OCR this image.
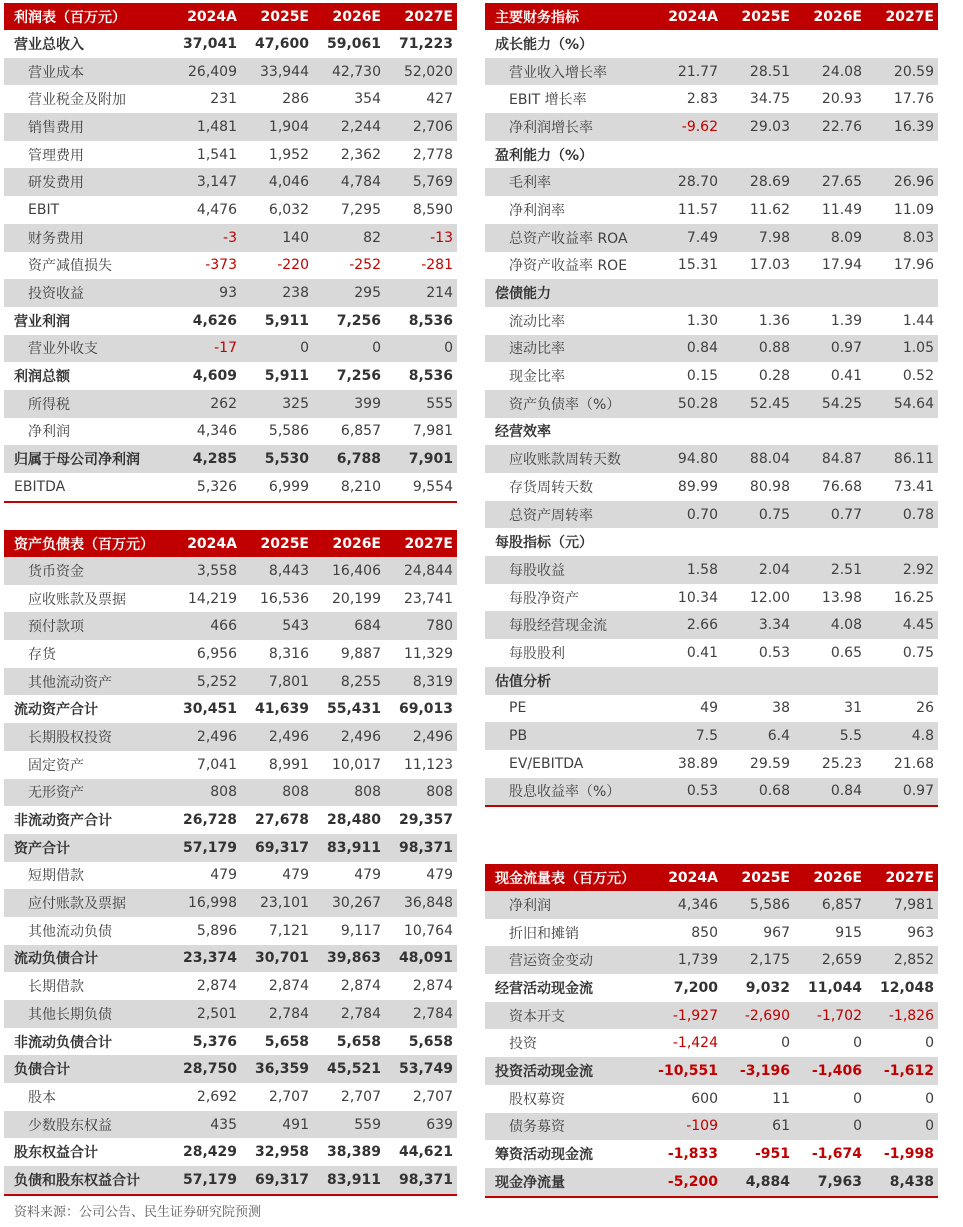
利润表（百万元）	2024A	2025E	2026E	2027E
营业总收入	37,041	47,600	59,061	71,223
营业成本	26,409	33,944	42,730	52,020
营业税金及附加	231	286	354	427
销售费用	1,481	1,904	2,244	2,706
管理费用	1,541	1,952	2,362	2,778
研发费用	3,147	4,046	4,784	5,769
EBIT	4,476	6,032	7,295	8,590
财务费用	-3	140	82	-13
资产减值损失	-373	-220	-252	-281
投资收益	93	238	295	214
营业利润	4,626	5,911	7,256	8,536
营业外收支	-17	0	0	0
利润总额	4,609	5,911	7,256	8,536
所得税	262	325	399	555
净利润	4,346	5,586	6,857	7,981
归属于母公司净利润	4,285	5,530	6,788	7,901
EBITDA	5,326	6,999	8,210	9,554
资产负债表（百万元）	2024A	2025E	2026E	2027E
货币资金	3,558	8,443	16,406	24,844
应收账款及票据	14,219	16,536	20,199	23,741
预付款项	466	543	684	780
存货	6,956	8,316	9,887	11,329
其他流动资产	5,252	7,801	8,255	8,319
流动资产合计	30,451	41,639	55,431	69,013
长期股权投资	2,496	2,496	2,496	2,496
固定资产	7,041	8,991	10,017	11,123
无形资产	808	808	808	808
非流动资产合计	26,728	27,678	28,480	29,357
资产合计	57,179	69,317	83,911	98,371
短期借款	479	479	479	479
应付账款及票据	16,998	23,101	30,267	36,848
其他流动负债	5,896	7,121	9,117	10,764
流动负债合计	23,374	30,701	39,863	48,091
长期借款	2,874	2,874	2,874	2,874
其他长期负债	2,501	2,784	2,784	2,784
非流动负债合计	5,376	5,658	5,658	5,658
负债合计	28,750	36,359	45,521	53,749
股本	2,692	2,707	2,707	2,707
少数股东权益	435	491	559	639
股东权益合计	28,429	32,958	38,389	44,621
负债和股东权益合计	57,179	69,317	83,911	98,371
主要财务指标	2024A	2025E	2026E	2027E
成长能力（%）
营业收入增长率	21.77	28.51	24.08	20.59
EBIT 增长率	2.83	34.75	20.93	17.76
净利润增长率	-9.62	29.03	22.76	16.39
盈利能力（%）
毛利率	28.70	28.69	27.65	26.96
净利润率	11.57	11.62	11.49	11.09
总资产收益率 ROA	7.49	7.98	8.09	8.03
净资产收益率 ROE	15.31	17.03	17.94	17.96
偿债能力
流动比率	1.30	1.36	1.39	1.44
速动比率	0.84	0.88	0.97	1.05
现金比率	0.15	0.28	0.41	0.52
资产负债率（%）	50.28	52.45	54.25	54.64
经营效率
应收账款周转天数	94.80	88.04	84.87	86.11
存货周转天数	89.99	80.98	76.68	73.41
总资产周转率	0.70	0.75	0.77	0.78
每股指标（元）
每股收益	1.58	2.04	2.51	2.92
每股净资产	10.34	12.00	13.98	16.25
每股经营现金流	2.66	3.34	4.08	4.45
每股股利	0.41	0.53	0.65	0.75
估值分析
PE	49	38	31	26
PB	7.5	6.4	5.5	4.8
EV/EBITDA	38.89	29.59	25.23	21.68
股息收益率（%）	0.53	0.68	0.84	0.97
现金流量表（百万元）	2024A	2025E	2026E	2027E
净利润	4,346	5,586	6,857	7,981
折旧和摊销	850	967	915	963
营运资金变动	1,739	2,175	2,659	2,852
经营活动现金流	7,200	9,032	11,044	12,048
资本开支	-1,927	-2,690	-1,702	-1,826
投资	-1,424	0	0	0
投资活动现金流	-10,551	-3,196	-1,406	-1,612
股权募资	600	11	0	0
债务募资	-109	61	0	0
筹资活动现金流	-1,833	-951	-1,674	-1,998
现金净流量	-5,200	4,884	7,963	8,438
资料来源：公司公告、民生证券研究院预测
